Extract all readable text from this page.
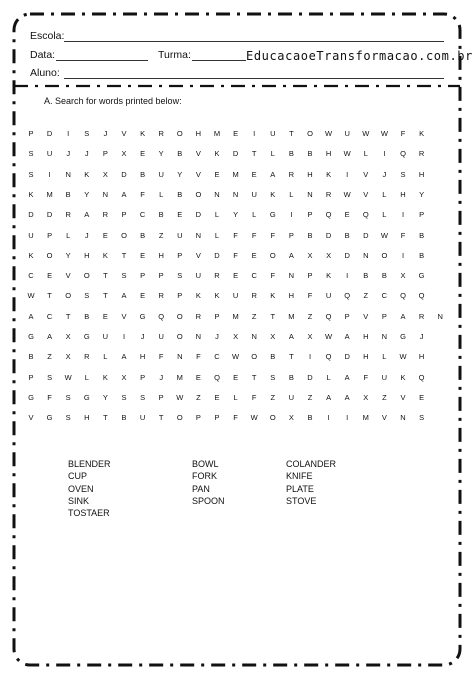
Escola:
Data:	Turma:	EducacaoeTransformacao.com.br
Aluno:
A. Search for words printed below:
P	D	I	S	J	V	K	R	O	H	M	E	I	U	T	O	W	U	W	W	F	K
S	U	J	J	P	X	E	Y	B	V	K	D	T	L	B	B	H	W	L	I	Q	R
S	I	N	K	X	D	B	U	Y	V	E	M	E	A	R	H	K	I	V	J	S	H
K	M	B	Y	N	A	F	L	B	O	N	N	U	K	L	N	R	W	V	L	H	Y
D	D	R	A	R	P	C	B	E	D	L	Y	L	G	I	P	Q	E	Q	L	I	P
U	P	L	J	E	O	B	Z	U	N	L	F	F	F	P	B	D	B	D	W	F	B
K	O	Y	H	K	T	E	H	P	V	D	F	E	O	A	X	X	D	N	O	I	B
C	E	V	O	T	S	P	P	S	U	R	E	C	F	N	P	K	I	B	B	X	G
W	T	O	S	T	A	E	R	P	K	K	U	R	K	H	F	U	Q	Z	C	Q	Q
A	C	T	B	E	V	G	Q	O	R	P	M	Z	T	M	Z	Q	P	V	P	A	R	N
G	A	X	G	U	I	J	U	O	N	J	X	N	X	A	X	W	A	H	N	G	J
B	Z	X	R	L	A	H	F	N	F	C	W	O	B	T	I	Q	D	H	L	W	H
P	S	W	L	K	X	P	J	M	E	Q	E	T	S	B	D	L	A	F	U	K	Q
G	F	S	G	Y	S	S	P	W	Z	E	L	F	Z	U	Z	A	A	X	Z	V	E
V	G	S	H	T	B	U	T	O	P	P	F	W	O	X	B	I	I	M	V	N	S
BLENDER	BOWL	COLANDER
CUP	FORK	KNIFE
OVEN	PAN	PLATE
SINK	SPOON	STOVE
TOSTAER
